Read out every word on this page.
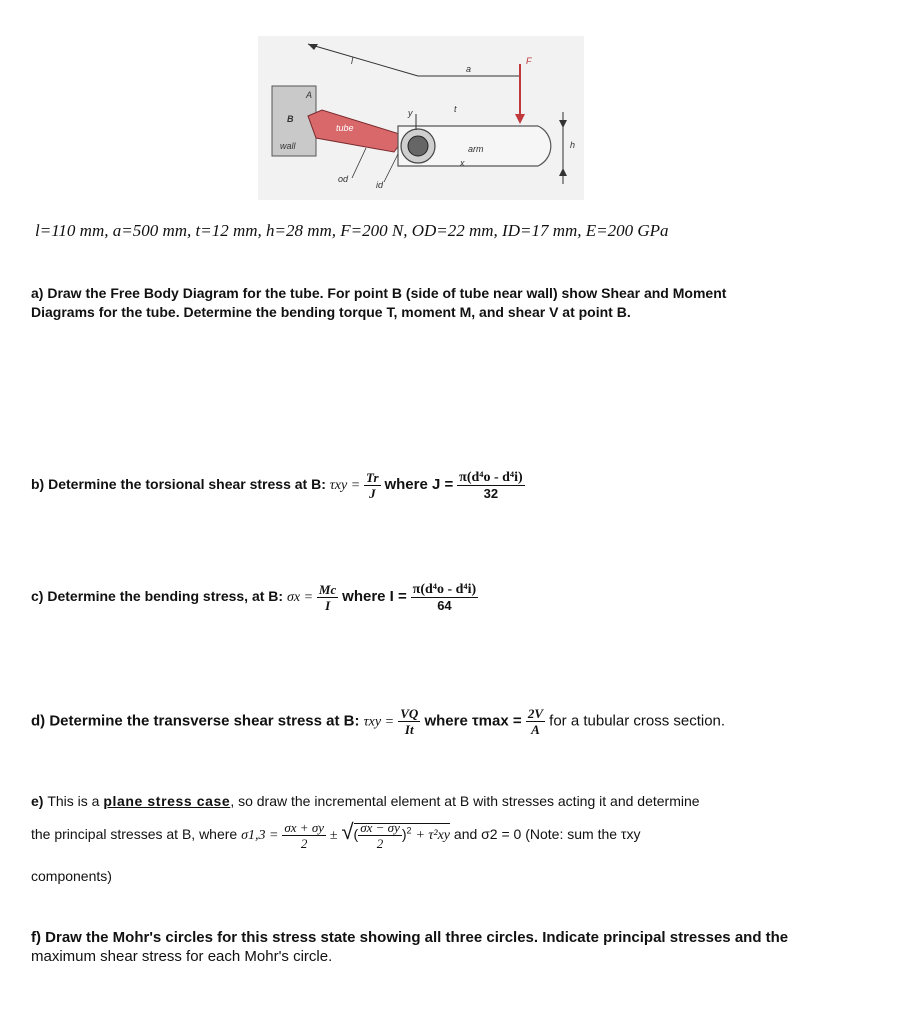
wall
B
A
tube
arm
l
a
F
t
y
x
h
od
id
l=110 mm, a=500 mm, t=12 mm, h=28 mm, F=200 N, OD=22 mm, ID=17 mm, E=200 GPa
a) Draw the Free Body Diagram for the tube. For point B (side of tube near wall) show Shear and Moment
Diagrams for the tube. Determine the bending torque T, moment M, and shear V at point B.
b) Determine the torsional shear stress at B: $\tau xy = \frac{Tr}{J}$ where $J = \frac{\text{π(d⁴o - d⁴i)}}{32}$
c) Determine the bending stress, at B: $\sigma x = \frac{Mc}{I}$ where $I = \frac{\text{π(d⁴o - d⁴i)}}{64}$
d) Determine the transverse shear stress at B: $\tau xy = \frac{VQ}{It}$ where $\tau\max = \frac{2V}{A}$ for a tubular cross section.
e) This is a plane stress case, so draw the incremental element at B with stresses acting it and determine
the principal stresses at B, where $\sigma 1,3 = \frac{\sigma x + \sigma y}{2}$ ± √( $\frac{\sigma x - \sigma y}{2} )^2 + \tau^2xy$ and σ2 = 0 (Note: sum the τxy
components)
f) Draw the Mohr's circles for this stress state showing all three circles. Indicate principal stresses and the
maximum shear stress for each Mohr's circle.
